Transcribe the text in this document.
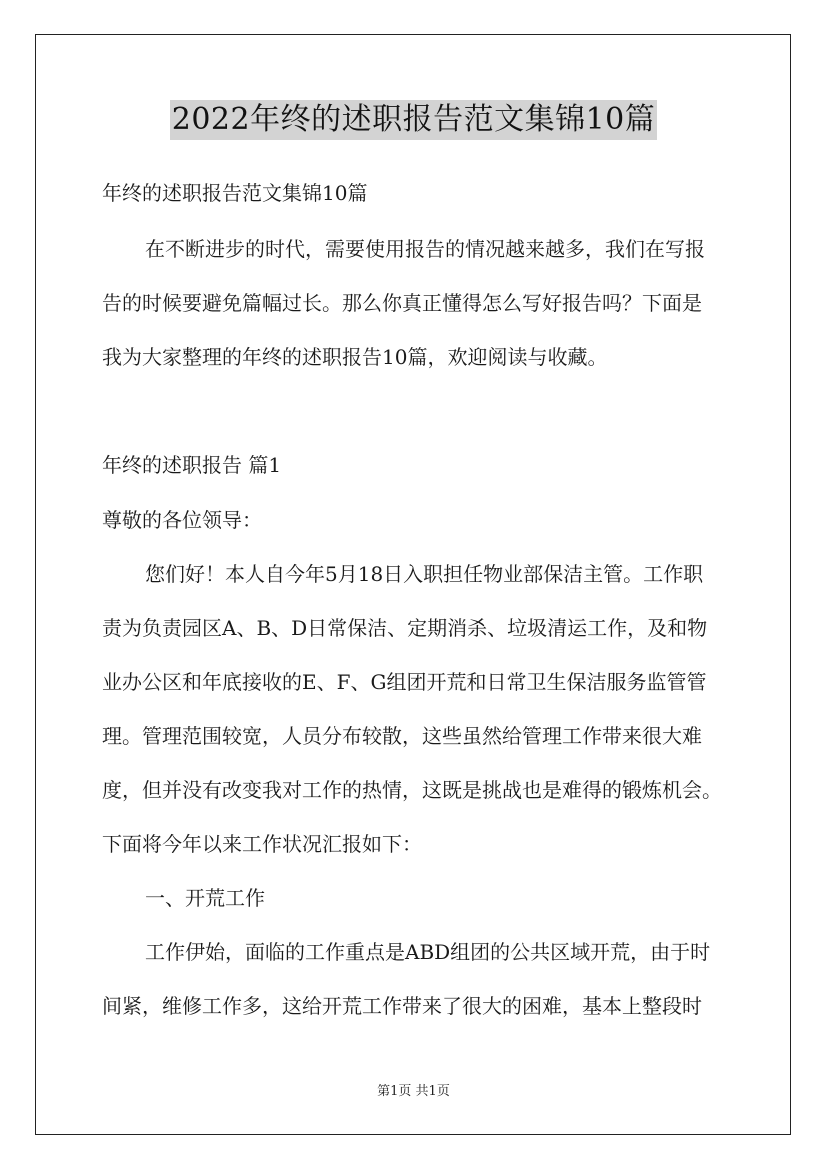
2022年终的述职报告范文集锦10篇
年终的述职报告范文集锦10篇
在不断进步的时代，需要使用报告的情况越来越多，我们在写报
告的时候要避免篇幅过长。那么你真正懂得怎么写好报告吗？下面是
我为大家整理的年终的述职报告10篇，欢迎阅读与收藏。
年终的述职报告 篇1
尊敬的各位领导：
您们好！本人自今年5月18日入职担任物业部保洁主管。工作职
责为负责园区A、B、D日常保洁、定期消杀、垃圾清运工作，及和物
业办公区和年底接收的E、F、G组团开荒和日常卫生保洁服务监管管
理。管理范围较宽，人员分布较散，这些虽然给管理工作带来很大难
度，但并没有改变我对工作的热情，这既是挑战也是难得的锻炼机会。
下面将今年以来工作状况汇报如下：
一、开荒工作
工作伊始，面临的工作重点是ABD组团的公共区域开荒，由于时
间紧，维修工作多，这给开荒工作带来了很大的困难，基本上整段时
第1页 共1页
